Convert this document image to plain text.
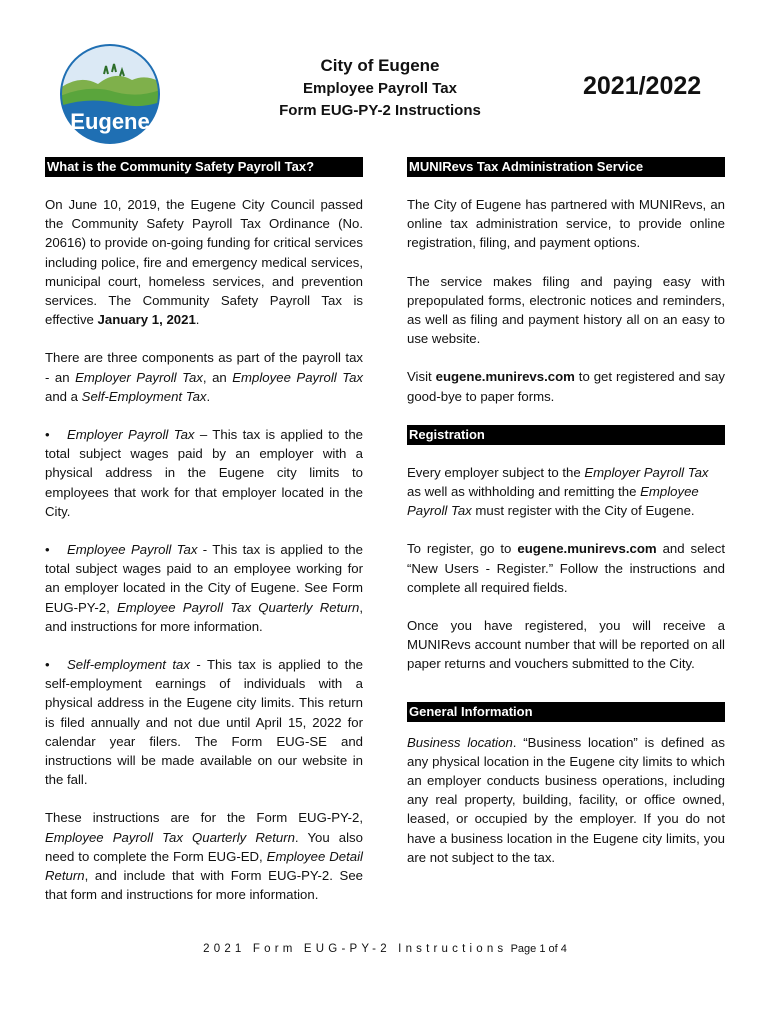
Eugene
City of Eugene
Employee Payroll Tax
Form EUG-PY-2 Instructions
2021/2022
What is the Community Safety Payroll Tax?

On June 10, 2019, the Eugene City Council passed the Community Safety Payroll Tax Ordinance (No. 20616) to provide on-going funding for critical services including police, fire and emergency medical services, municipal court, homeless services, and prevention services. The Community Safety Payroll Tax is effective January 1, 2021.

There are three components as part of the payroll tax - an Employer Payroll Tax, an Employee Payroll Tax and a Self-Employment Tax.

• Employer Payroll Tax – This tax is applied to the total subject wages paid by an employer with a physical address in the Eugene city limits to employees that work for that employer located in the City.

• Employee Payroll Tax - This tax is applied to the total subject wages paid to an employee working for an employer located in the City of Eugene. See Form EUG-PY-2, Employee Payroll Tax Quarterly Return, and instructions for more information.

• Self-employment tax - This tax is applied to the self-employment earnings of individuals with a physical address in the Eugene city limits. This return is filed annually and not due until April 15, 2022 for calendar year filers. The Form EUG-SE and instructions will be made available on our website in the fall.

These instructions are for the Form EUG-PY-2, Employee Payroll Tax Quarterly Return. You also need to complete the Form EUG-ED, Employee Detail Return, and include that with Form EUG-PY-2. See that form and instructions for more information.

MUNIRevs Tax Administration Service

The City of Eugene has partnered with MUNIRevs, an online tax administration service, to provide online registration, filing, and payment options.

The service makes filing and paying easy with prepopulated forms, electronic notices and reminders, as well as filing and payment history all on an easy to use website.

Visit eugene.munirevs.com to get registered and say good-bye to paper forms.

Registration

Every employer subject to the Employer Payroll Tax as well as withholding and remitting the Employee Payroll Tax must register with the City of Eugene.

To register, go to eugene.munirevs.com and select “New Users - Register.” Follow the instructions and complete all required fields.

Once you have registered, you will receive a MUNIRevs account number that will be reported on all paper returns and vouchers submitted to the City.

General Information

Business location. “Business location” is defined as any physical location in the Eugene city limits to which an employer conducts business operations, including any real property, building, facility, or office owned, leased, or occupied by the employer. If you do not have a business location in the Eugene city limits, you are not subject to the tax.

2021 Form EUG-PY-2 Instructions Page 1 of 4
